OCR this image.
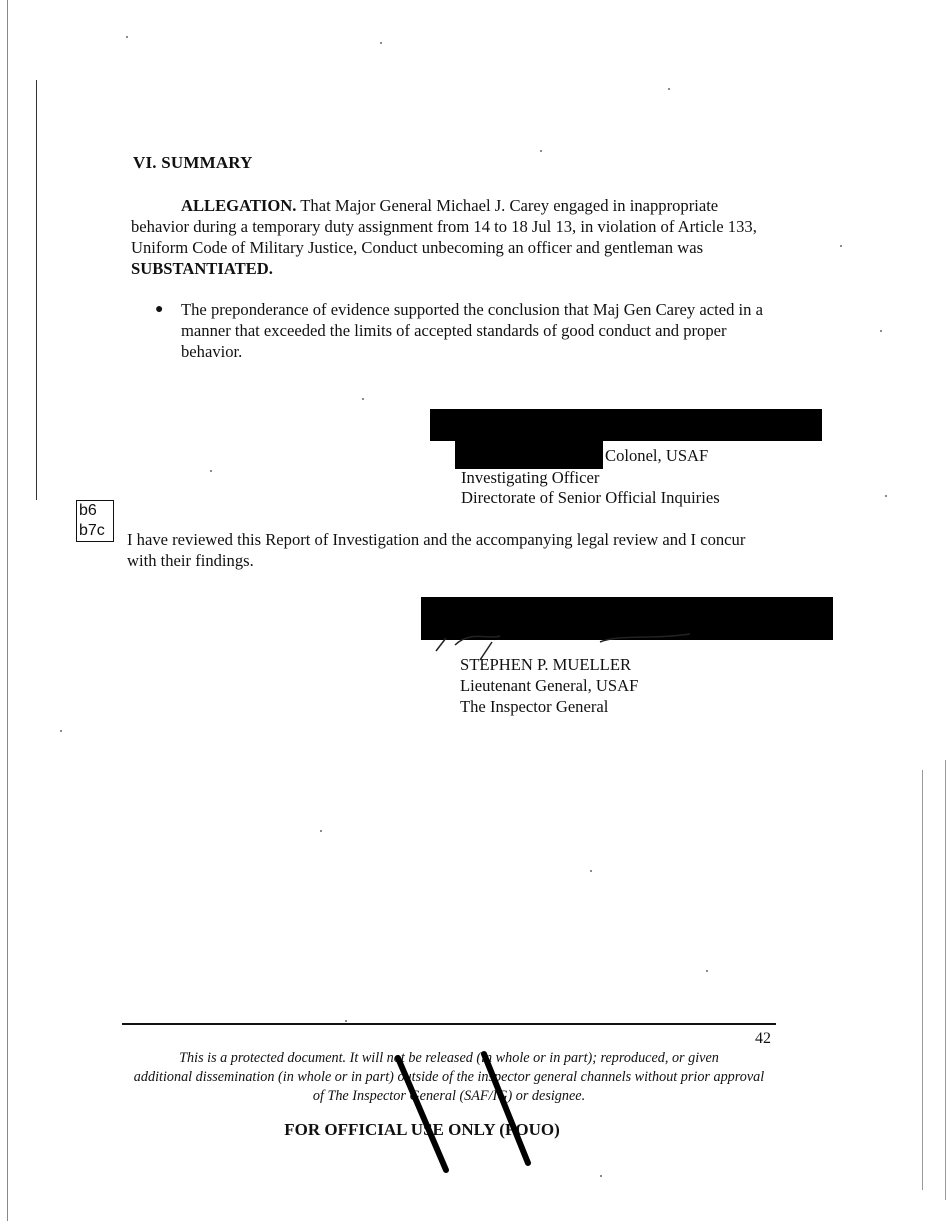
VI. SUMMARY
ALLEGATION. That Major General Michael J. Carey engaged in inappropriate
behavior during a temporary duty assignment from 14 to 18 Jul 13, in violation of Article 133,
Uniform Code of Military Justice, Conduct unbecoming an officer and gentleman was
SUBSTANTIATED.
● The preponderance of evidence supported the conclusion that Maj Gen Carey acted in a
manner that exceeded the limits of accepted standards of good conduct and proper
behavior.
Colonel, USAF
Investigating Officer
Directorate of Senior Official Inquiries
b6
b7c	I have reviewed this Report of Investigation and the accompanying legal review and I concur
with their findings.
STEPHEN P. MUELLER
Lieutenant General, USAF
The Inspector General
42
This is a protected document. It will not be released (in whole or in part); reproduced, or given
additional dissemination (in whole or in part) outside of the inspector general channels without prior approval
of The Inspector General (SAF/IG) or designee.
FOR OFFICIAL USE ONLY (FOUO)
